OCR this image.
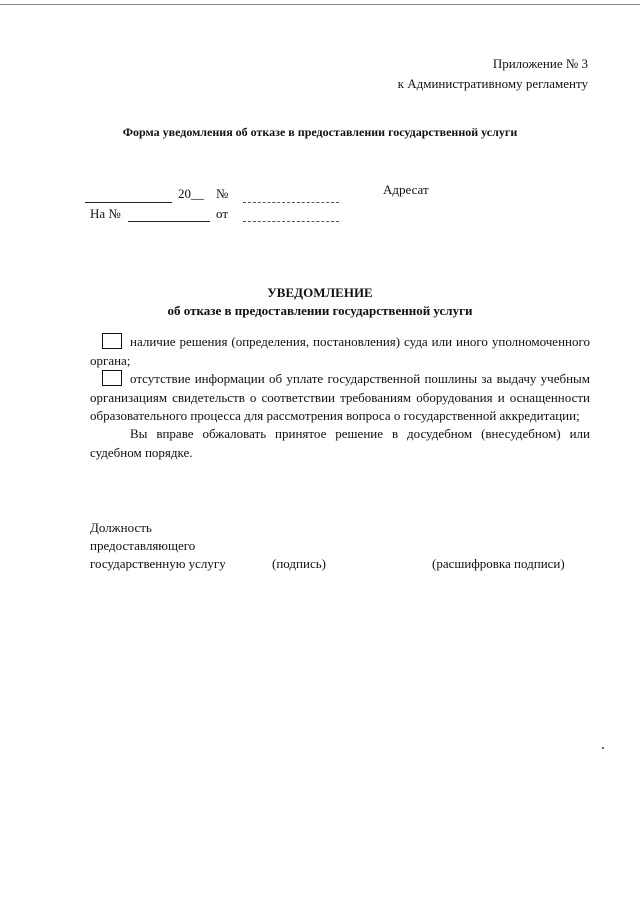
Приложение № 3
к Административному регламенту
Форма уведомления об отказе в предоставлении государственной услуги
20__ №	Адресат
На №	от
УВЕДОМЛЕНИЕ
об отказе в предоставлении государственной услуги
наличие решения (определения, постановления) суда или иного уполномоченного
органа;
отсутствие информации об уплате государственной пошлины за выдачу учебным
организациям свидетельств о соответствии требованиям оборудования и оснащенности
образовательного процесса для рассмотрения вопроса о государственной аккредитации;
Вы вправе обжаловать принятое решение в досудебном (внесудебном) или
судебном порядке.
Должность
предоставляющего
государственную услугу	(подпись)	(расшифровка подписи)
